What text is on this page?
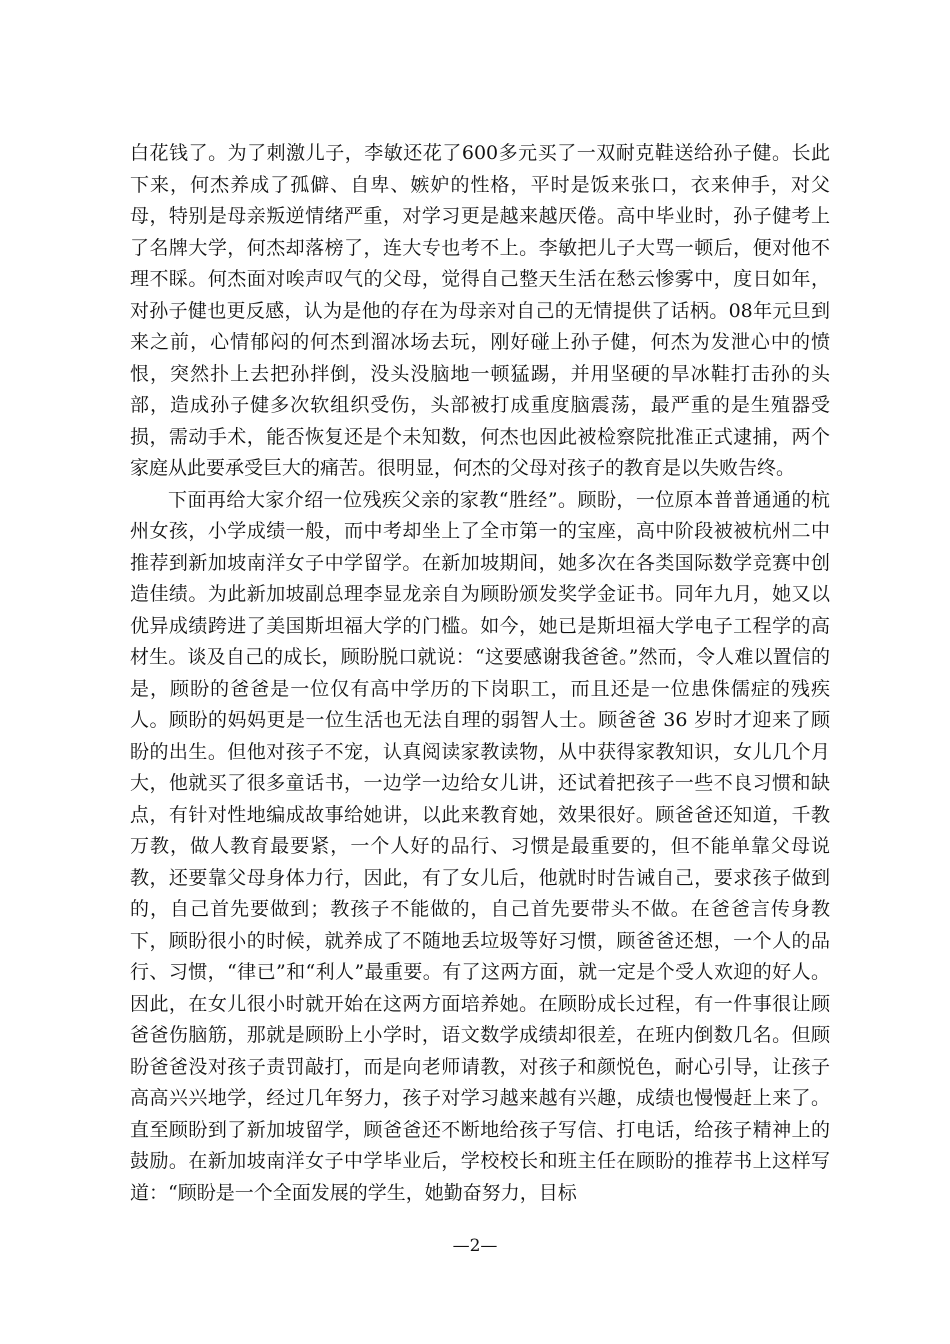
白花钱了。为了刺激儿子，李敏还花了600多元买了一双耐克鞋送给孙子健。长此下来，何杰养成了孤僻、自卑、嫉妒的性格，平时是饭来张口，衣来伸手，对父母，特别是母亲叛逆情绪严重，对学习更是越来越厌倦。高中毕业时，孙子健考上了名牌大学，何杰却落榜了，连大专也考不上。李敏把儿子大骂一顿后，便对他不理不睬。何杰面对唉声叹气的父母，觉得自己整天生活在愁云惨雾中，度日如年，对孙子健也更反感，认为是他的存在为母亲对自己的无情提供了话柄。08年元旦到来之前，心情郁闷的何杰到溜冰场去玩，刚好碰上孙子健，何杰为发泄心中的愤恨，突然扑上去把孙拌倒，没头没脑地一顿猛踢，并用坚硬的旱冰鞋打击孙的头部，造成孙子健多次软组织受伤，头部被打成重度脑震荡，最严重的是生殖器受损，需动手术，能否恢复还是个未知数，何杰也因此被检察院批准正式逮捕，两个家庭从此要承受巨大的痛苦。很明显，何杰的父母对孩子的教育是以失败告终。

下面再给大家介绍一位残疾父亲的家教“胜经”。顾盼，一位原本普普通通的杭州女孩，小学成绩一般，而中考却坐上了全市第一的宝座，高中阶段被被杭州二中推荐到新加坡南洋女子中学留学。在新加坡期间，她多次在各类国际数学竞赛中创造佳绩。为此新加坡副总理李显龙亲自为顾盼颁发奖学金证书。同年九月，她又以优异成绩跨进了美国斯坦福大学的门槛。如今，她已是斯坦福大学电子工程学的高材生。谈及自己的成长，顾盼脱口就说：“这要感谢我爸爸。”然而，令人难以置信的是，顾盼的爸爸是一位仅有高中学历的下岗职工，而且还是一位患侏儒症的残疾人。顾盼的妈妈更是一位生活也无法自理的弱智人士。顾爸爸 36 岁时才迎来了顾盼的出生。但他对孩子不宠，认真阅读家教读物，从中获得家教知识，女儿几个月大，他就买了很多童话书，一边学一边给女儿讲，还试着把孩子一些不良习惯和缺点，有针对性地编成故事给她讲，以此来教育她，效果很好。顾爸爸还知道，千教万教，做人教育最要紧，一个人好的品行、习惯是最重要的，但不能单靠父母说教，还要靠父母身体力行，因此，有了女儿后，他就时时告诫自己，要求孩子做到的，自己首先要做到；教孩子不能做的，自己首先要带头不做。在爸爸言传身教下，顾盼很小的时候，就养成了不随地丢垃圾等好习惯，顾爸爸还想，一个人的品行、习惯，“律已”和“利人”最重要。有了这两方面，就一定是个受人欢迎的好人。因此，在女儿很小时就开始在这两方面培养她。在顾盼成长过程，有一件事很让顾爸爸伤脑筋，那就是顾盼上小学时，语文数学成绩却很差，在班内倒数几名。但顾盼爸爸没对孩子责罚敲打，而是向老师请教，对孩子和颜悦色，耐心引导，让孩子高高兴兴地学，经过几年努力，孩子对学习越来越有兴趣，成绩也慢慢赶上来了。直至顾盼到了新加坡留学，顾爸爸还不断地给孩子写信、打电话，给孩子精神上的鼓励。在新加坡南洋女子中学毕业后，学校校长和班主任在顾盼的推荐书上这样写道：“顾盼是一个全面发展的学生，她勤奋努力，目标

—2—
